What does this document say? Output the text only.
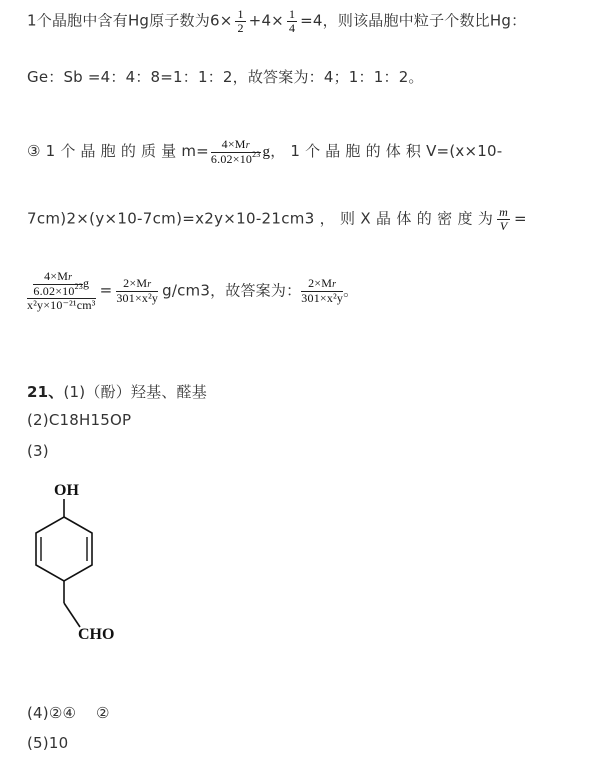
1个晶胞中含有Hg原子数为$6\times \frac{1}{2} +4\times \frac{1}{4} =4$，则该晶胞中粒子个数比Hg：
Ge：Sb =4：4：8=1：1：2，故答案为：4；1：1：2。
③ 1 个 晶 胞 的 质 量 $m= \frac{4\times Mr}{6.02\times 10^{23}}$ g， 1 个 晶 胞 的 体 积 V=(x×10-
7cm)2×(y×10-7cm)=x2y×10-21cm3 ， 则 X 晶 体 的 密 度 为 $\frac{m}{V}$ =
$\frac{\frac{4\times Mr}{6.02\times 10^{23}} g}{\text{x²y×10⁻²¹cm³}} = \frac{2\times Mr}{\text{301×x²y}} g/cm3$，故答案为： $\frac{2\times Mr}{\text{301×x²y}}$ 。
21、(1)（酚）羟基、醛基
(2)C18H15OP
(3)
OH
CHO
(4)②④    ②
(5)10
